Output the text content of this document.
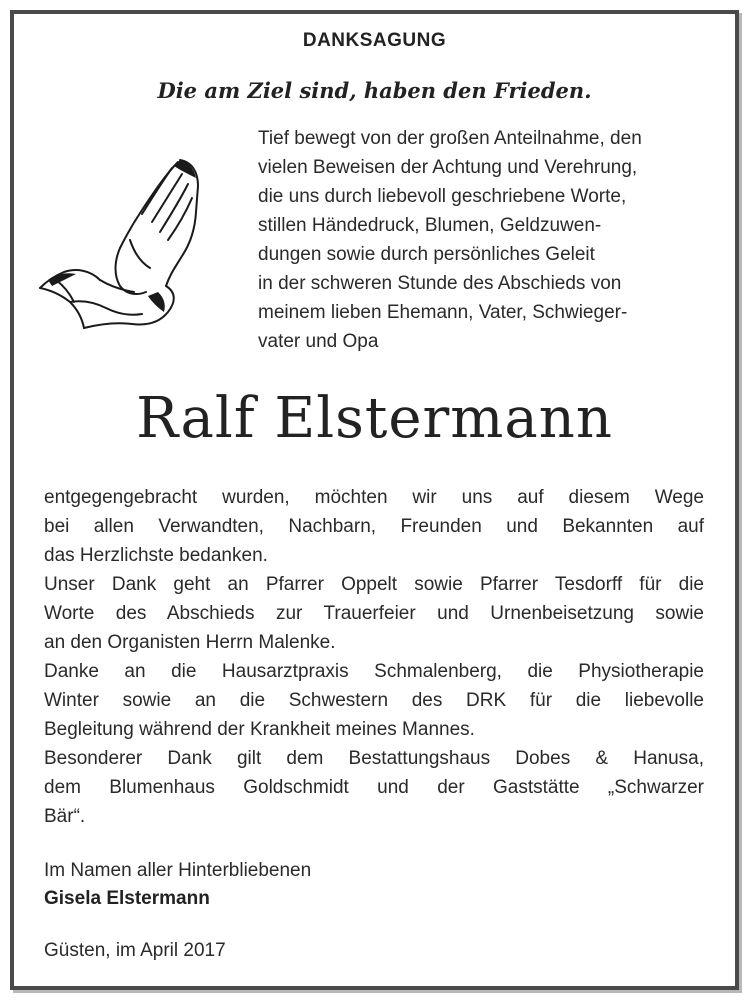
DANKSAGUNG
Die am Ziel sind, haben den Frieden.
Tief bewegt von der großen Anteilnahme, den
vielen Beweisen der Achtung und Verehrung,
die uns durch liebevoll geschriebene Worte,
stillen Händedruck, Blumen, Geldzuwen-
dungen sowie durch persönliches Geleit
in der schweren Stunde des Abschieds von
meinem lieben Ehemann, Vater, Schwieger-
vater und Opa
Ralf Elstermann
entgegengebracht wurden, möchten wir uns auf diesem Wege
bei allen Verwandten, Nachbarn, Freunden und Bekannten auf
das Herzlichste bedanken.
Unser Dank geht an Pfarrer Oppelt sowie Pfarrer Tesdorff für die
Worte des Abschieds zur Trauerfeier und Urnenbeisetzung sowie
an den Organisten Herrn Malenke.
Danke an die Hausarztpraxis Schmalenberg, die Physiotherapie
Winter sowie an die Schwestern des DRK für die liebevolle
Begleitung während der Krankheit meines Mannes.
Besonderer Dank gilt dem Bestattungshaus Dobes & Hanusa,
dem Blumenhaus Goldschmidt und der Gaststätte „Schwarzer
Bär“.
Im Namen aller Hinterbliebenen
Gisela Elstermann
Güsten, im April 2017
